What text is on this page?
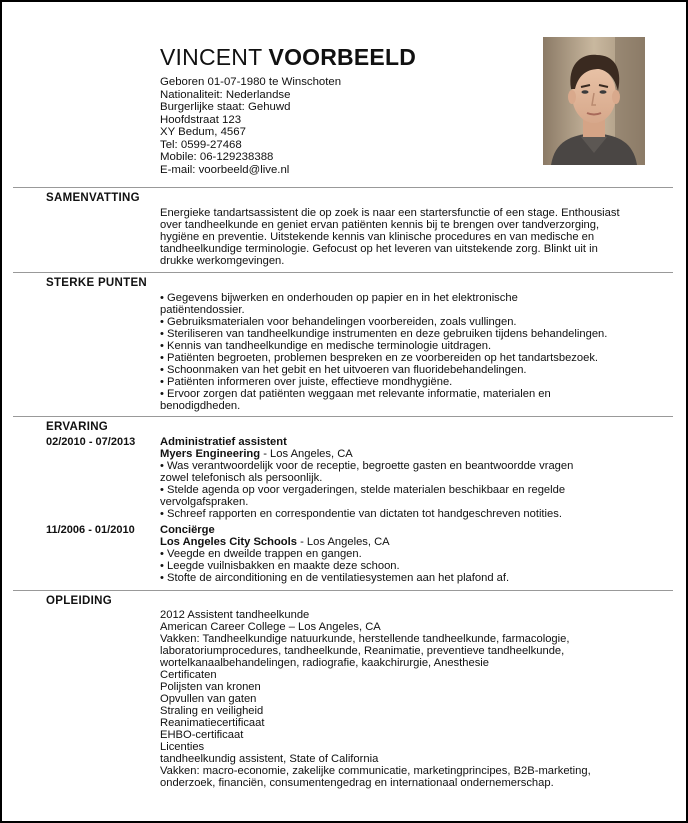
VINCENT VOORBEELD
Geboren 01-07-1980 te Winschoten
Nationaliteit: Nederlandse
Burgerlijke staat: Gehuwd
Hoofdstraat 123
XY Bedum, 4567
Tel: 0599-27468
Mobile: 06-129238388
E-mail: voorbeeld@live.nl
SAMENVATTING
Energieke tandartsassistent die op zoek is naar een startersfunctie of een stage. Enthousiast
over tandheelkunde en geniet ervan patiënten kennis bij te brengen over tandverzorging,
hygiëne en preventie. Uitstekende kennis van klinische procedures en van medische en
tandheelkundige terminologie. Gefocust op het leveren van uitstekende zorg. Blinkt uit in
drukke werkomgevingen.
STERKE PUNTEN
• Gegevens bijwerken en onderhouden op papier en in het elektronische
patiëntendossier.
• Gebruiksmaterialen voor behandelingen voorbereiden, zoals vullingen.
• Steriliseren van tandheelkundige instrumenten en deze gebruiken tijdens behandelingen.
• Kennis van tandheelkundige en medische terminologie uitdragen.
• Patiënten begroeten, problemen bespreken en ze voorbereiden op het tandartsbezoek.
• Schoonmaken van het gebit en het uitvoeren van fluoridebehandelingen.
• Patiënten informeren over juiste, effectieve mondhygiëne.
• Ervoor zorgen dat patiënten weggaan met relevante informatie, materialen en
benodigdheden.
ERVARING
02/2010 - 07/2013 Administratief assistent
Myers Engineering - Los Angeles, CA
• Was verantwoordelijk voor de receptie, begroette gasten en beantwoordde vragen
zowel telefonisch als persoonlijk.
• Stelde agenda op voor vergaderingen, stelde materialen beschikbaar en regelde
vervolgafspraken.
• Schreef rapporten en correspondentie van dictaten tot handgeschreven notities.
11/2006 - 01/2010 Conciërge
Los Angeles City Schools - Los Angeles, CA
• Veegde en dweilde trappen en gangen.
• Leegde vuilnisbakken en maakte deze schoon.
• Stofte de airconditioning en de ventilatiesystemen aan het plafond af.
OPLEIDING
2012 Assistent tandheelkunde
American Career College – Los Angeles, CA
Vakken: Tandheelkundige natuurkunde, herstellende tandheelkunde, farmacologie,
laboratoriumprocedures, tandheelkunde, Reanimatie, preventieve tandheelkunde,
wortelkanaalbehandelingen, radiografie, kaakchirurgie, Anesthesie
Certificaten
Polijsten van kronen
Opvullen van gaten
Straling en veiligheid
Reanimatiecertificaat
EHBO-certificaat
Licenties
tandheelkundig assistent, State of California
Vakken: macro-economie, zakelijke communicatie, marketingprincipes, B2B-marketing,
onderzoek, financiën, consumentengedrag en internationaal ondernemerschap.
